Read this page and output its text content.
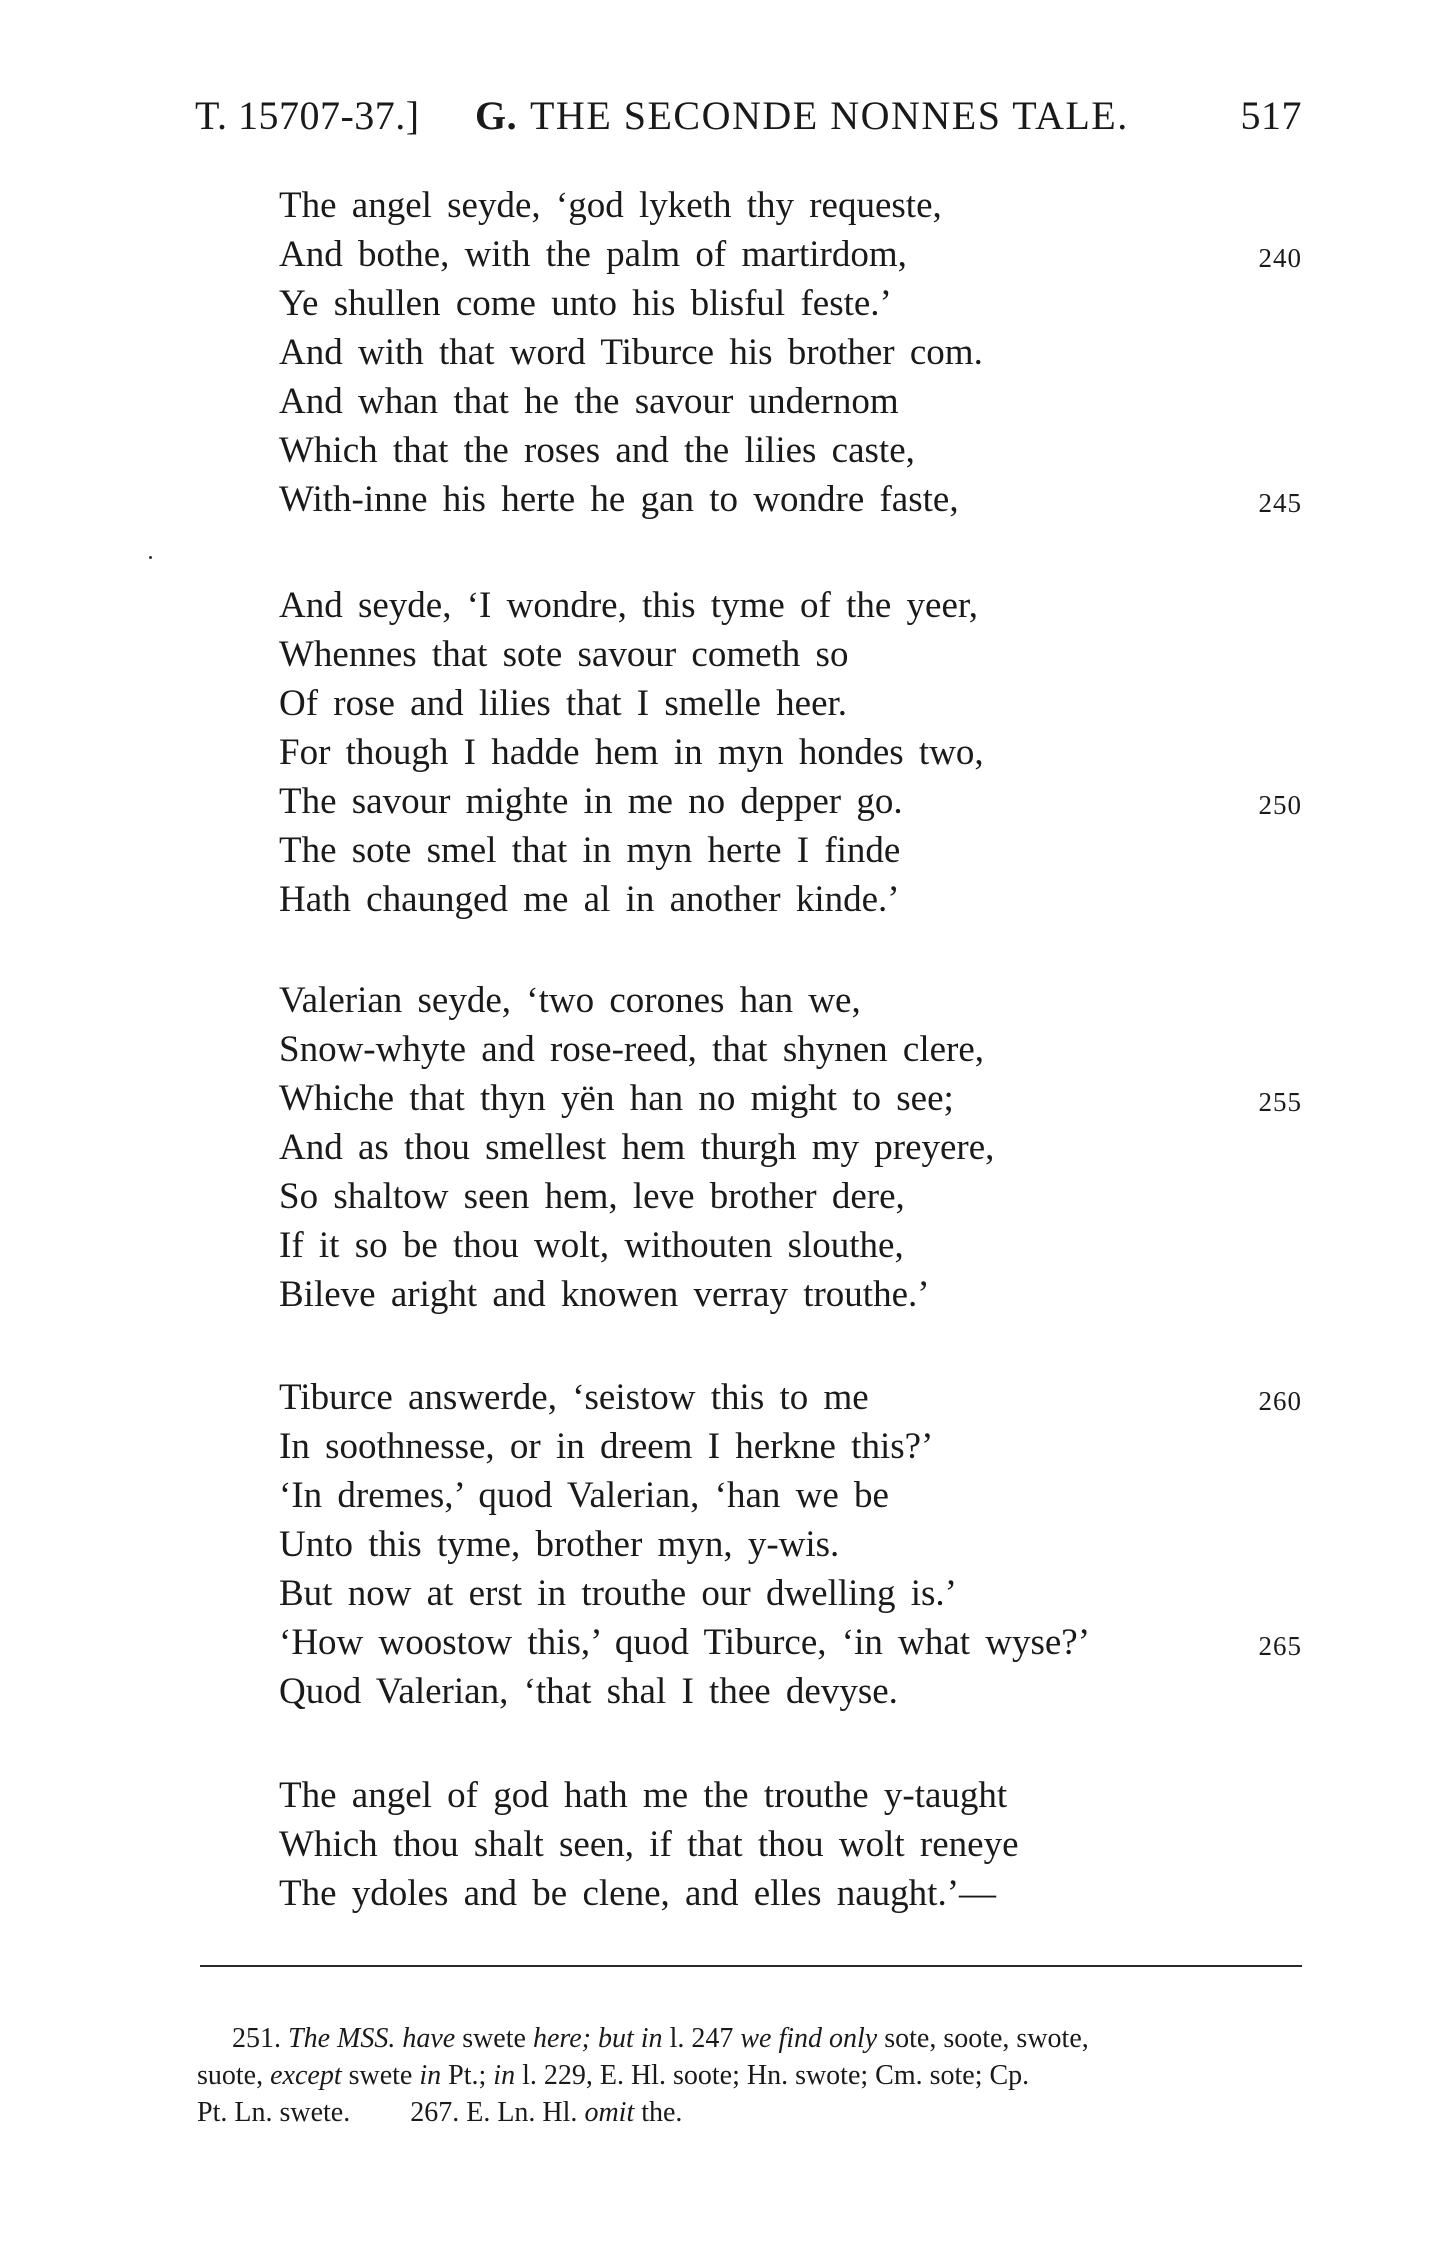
T. 15707-37.] G. THE SECONDE NONNES TALE.	517
The angel seyde, ‘god lyketh thy requeste,
And bothe, with the palm of martirdom,	240
Ye shullen come unto his blisful feste.’
And with that word Tiburce his brother com.
And whan that he the savour undernom
Which that the roses and the lilies caste,
With-inne his herte he gan to wondre faste,	245
And seyde, ‘I wondre, this tyme of the yeer,
Whennes that sote savour cometh so
Of rose and lilies that I smelle heer.
For though I hadde hem in myn hondes two,
The savour mighte in me no depper go.	250
The sote smel that in myn herte I finde
Hath chaunged me al in another kinde.’
Valerian seyde, ‘two corones han we,
Snow-whyte and rose-reed, that shynen clere,
Whiche that thyn yën han no might to see;	255
And as thou smellest hem thurgh my preyere,
So shaltow seen hem, leve brother dere,
If it so be thou wolt, withouten slouthe,
Bileve aright and knowen verray trouthe.’
Tiburce answerde, ‘seistow this to me	260
In soothnesse, or in dreem I herkne this?’
‘In dremes,’ quod Valerian, ‘han we be
Unto this tyme, brother myn, y-wis.
But now at erst in trouthe our dwelling is.’
‘How woostow this,’ quod Tiburce, ‘in what wyse?’	265
Quod Valerian, ‘that shal I thee devyse.
The angel of god hath me the trouthe y-taught
Which thou shalt seen, if that thou wolt reneye
The ydoles and be clene, and elles naught.’—

251. The MSS. have swete here; but in l. 247 we find only sote, soote, swote,

suote, except swete in Pt.; in l. 229, E. Hl. soote; Hn. swote; Cm. sote; Cp.

Pt. Ln. swete. 267. E. Ln. Hl. omit the.
